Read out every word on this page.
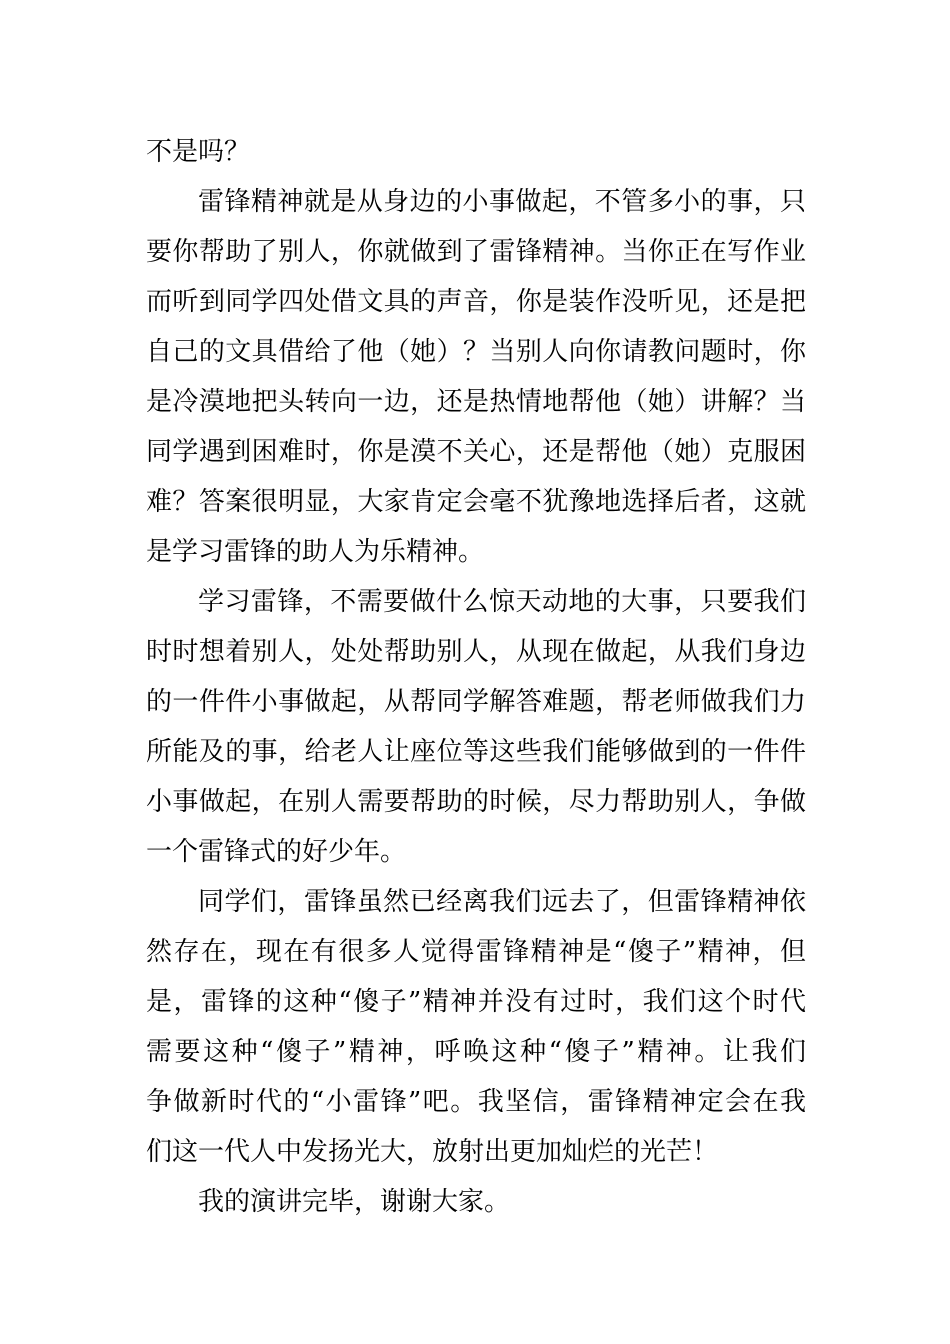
不是吗？
雷锋精神就是从身边的小事做起，不管多小的事，只
要你帮助了别人，你就做到了雷锋精神。当你正在写作业
而听到同学四处借文具的声音，你是装作没听见，还是把
自己的文具借给了他（她）？当别人向你请教问题时，你
是冷漠地把头转向一边，还是热情地帮他（她）讲解？当
同学遇到困难时，你是漠不关心，还是帮他（她）克服困
难？答案很明显，大家肯定会毫不犹豫地选择后者，这就
是学习雷锋的助人为乐精神。
学习雷锋，不需要做什么惊天动地的大事，只要我们
时时想着别人，处处帮助别人，从现在做起，从我们身边
的一件件小事做起，从帮同学解答难题，帮老师做我们力
所能及的事，给老人让座位等这些我们能够做到的一件件
小事做起，在别人需要帮助的时候，尽力帮助别人，争做
一个雷锋式的好少年。
同学们，雷锋虽然已经离我们远去了，但雷锋精神依
然存在，现在有很多人觉得雷锋精神是“傻子”精神，但
是，雷锋的这种“傻子”精神并没有过时，我们这个时代
需要这种“傻子”精神，呼唤这种“傻子”精神。让我们
争做新时代的“小雷锋”吧。我坚信，雷锋精神定会在我
们这一代人中发扬光大，放射出更加灿烂的光芒！
我的演讲完毕，谢谢大家。
